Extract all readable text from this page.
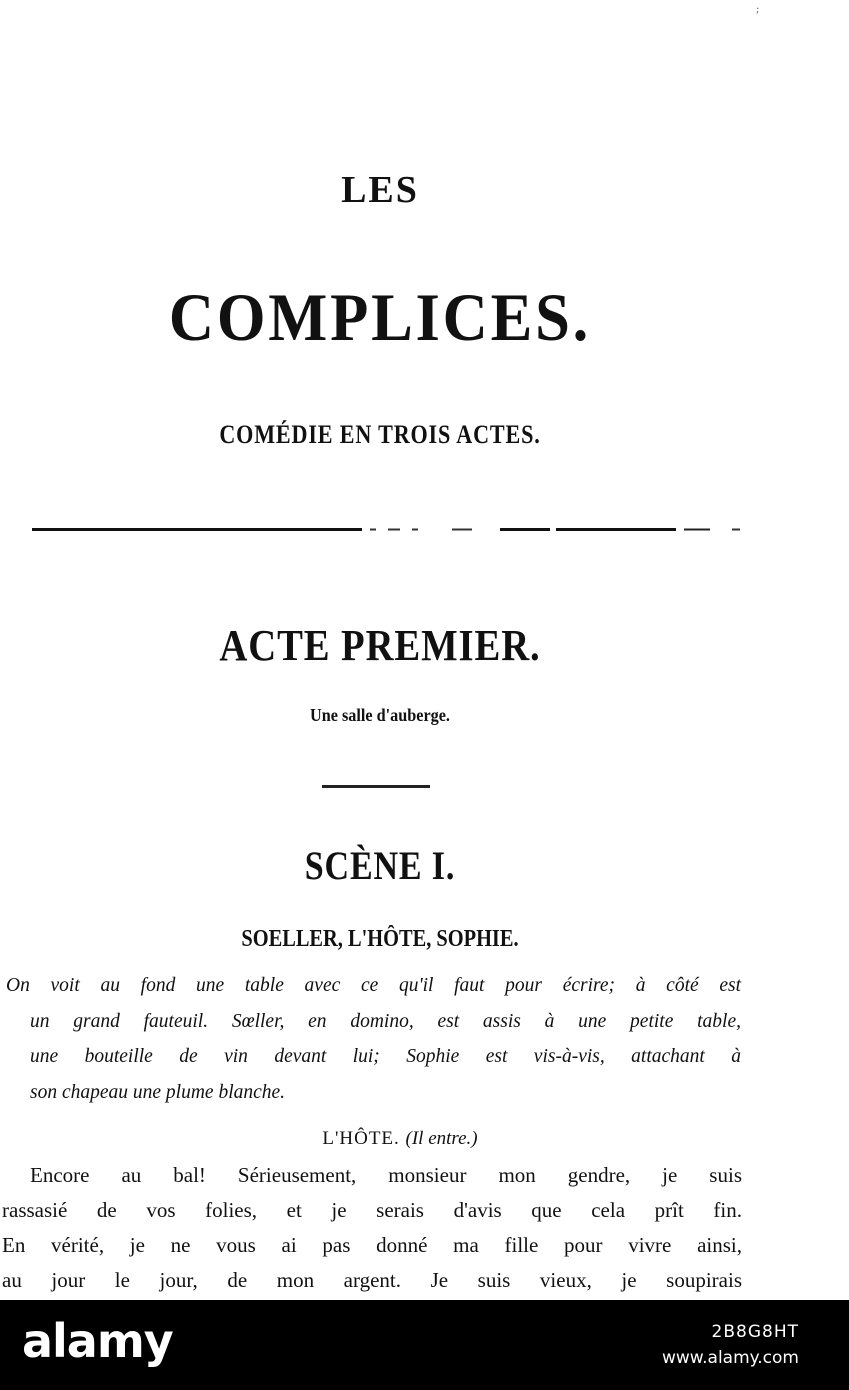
;
LES
COMPLICES.
COMÉDIE EN TROIS ACTES.
ACTE PREMIER.
Une salle d'auberge.
SCÈNE I.
SOELLER, L'HÔTE, SOPHIE.
On voit au fond une table avec ce qu'il faut pour écrire; à côté est
un grand fauteuil. Sœller, en domino, est assis à une petite table,
une bouteille de vin devant lui; Sophie est vis-à-vis, attachant à
son chapeau une plume blanche.
L'HÔTE. (Il entre.)
Encore au bal! Sérieusement, monsieur mon gendre, je suis
rassasié de vos folies, et je serais d'avis que cela prît fin.
En vérité, je ne vous ai pas donné ma fille pour vivre ainsi,
au jour le jour, de mon argent. Je suis vieux, je soupirais
alamy	2B8G8HT
www.alamy.com
